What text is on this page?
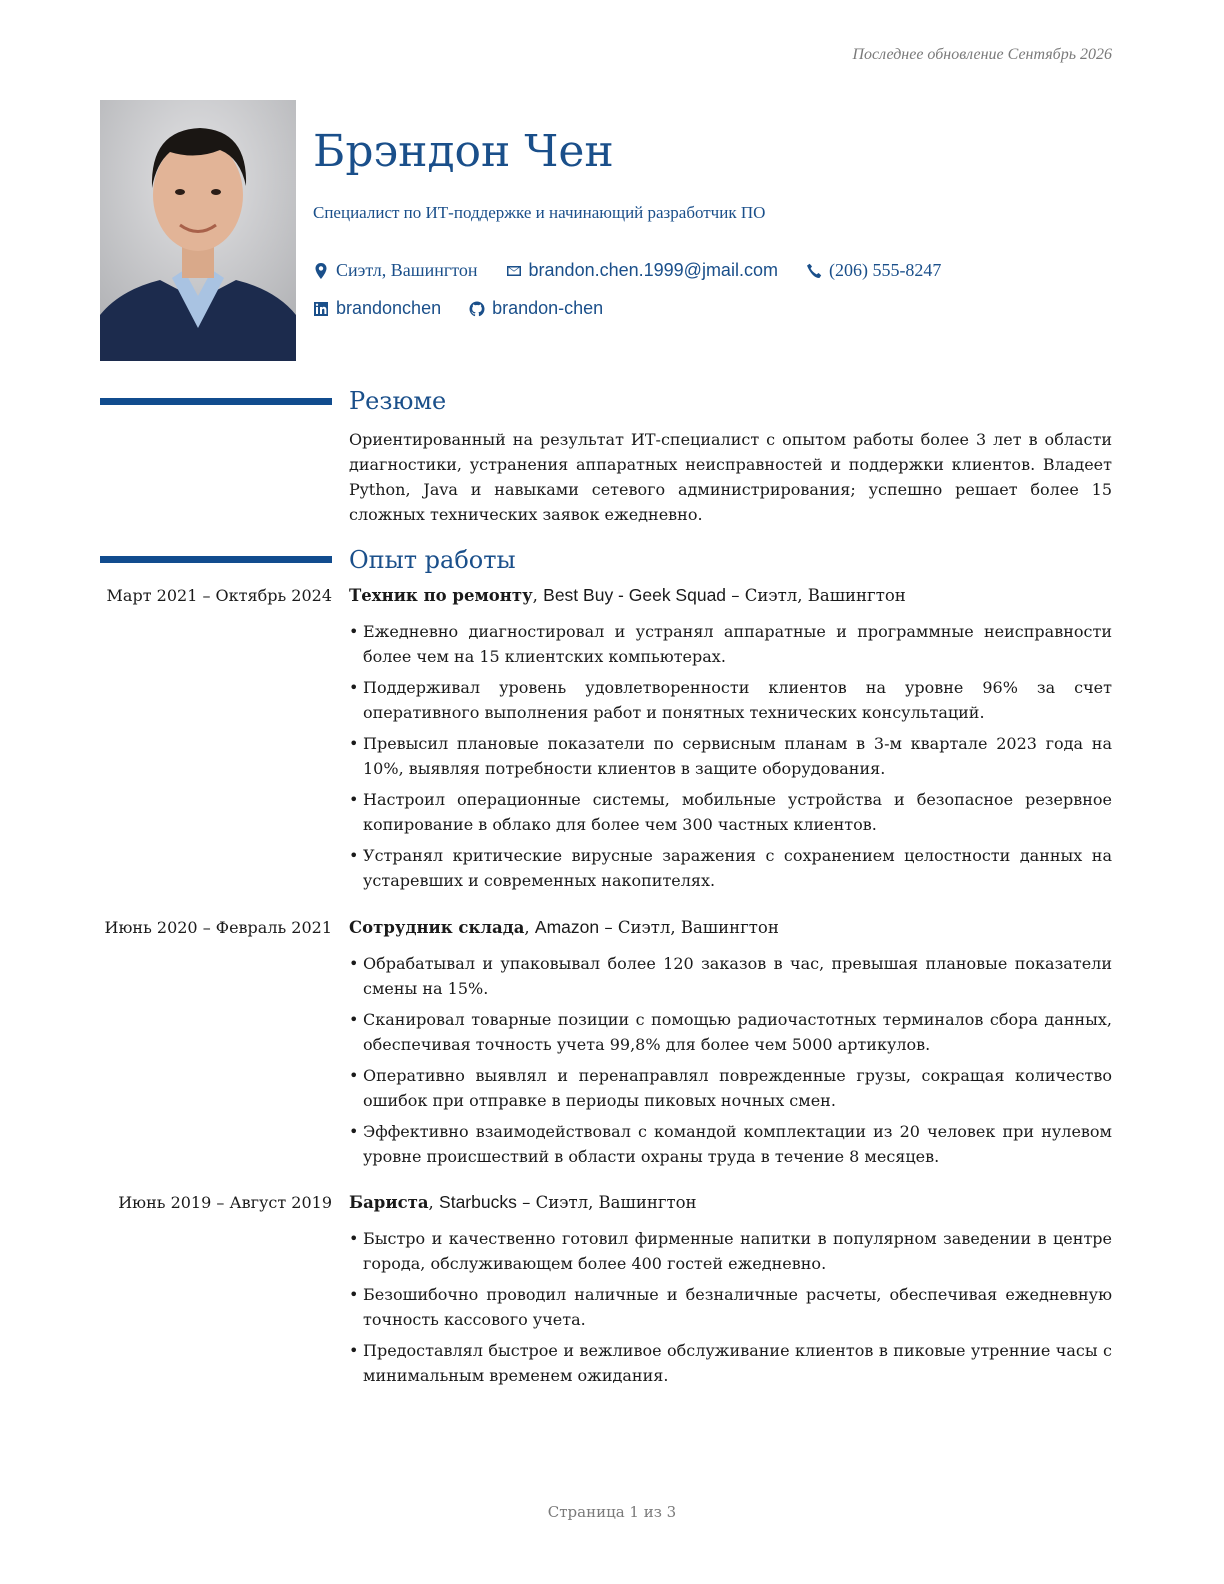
Последнее обновление Сентябрь 2026
Брэндон Чен
Специалист по ИТ-поддержке и начинающий разработчик ПО
Сиэтл, Вашингтон	brandon.chen.1999@jmail.com	(206) 555-8247
brandonchen	brandon-chen
Резюме

Ориентированный на результат ИТ-специалист с опытом работы более 3 лет в области диагностики, устранения аппаратных неисправностей и поддержки клиентов. Владеет Python, Java и навыками сетевого администрирования; успешно решает более 15 сложных технических заявок ежедневно.

Опыт работы
Март 2021 – Октябрь 2024 Техник по ремонту, Best Buy - Geek Squad – Сиэтл, Вашингтон
• Ежедневно диагностировал и устранял аппаратные и программные неисправности более чем на 15 клиентских компьютерах.
• Поддерживал уровень удовлетворенности клиентов на уровне 96% за счет оперативного выполнения работ и понятных технических консультаций.
• Превысил плановые показатели по сервисным планам в 3-м квартале 2023 года на 10%, выявляя потребности клиентов в защите оборудования.
• Настроил операционные системы, мобильные устройства и безопасное резервное копирование в облако для более чем 300 частных клиентов.
• Устранял критические вирусные заражения с сохранением целостности данных на устаревших и современных накопителях.
Июнь 2020 – Февраль 2021 Сотрудник склада, Amazon – Сиэтл, Вашингтон
• Обрабатывал и упаковывал более 120 заказов в час, превышая плановые показатели смены на 15%.
• Сканировал товарные позиции с помощью радиочастотных терминалов сбора данных, обеспечивая точность учета 99,8% для более чем 5000 артикулов.
• Оперативно выявлял и перенаправлял поврежденные грузы, сокращая количество ошибок при отправке в периоды пиковых ночных смен.
• Эффективно взаимодействовал с командой комплектации из 20 человек при нулевом уровне происшествий в области охраны труда в течение 8 месяцев.
Июнь 2019 – Август 2019 Бариста, Starbucks – Сиэтл, Вашингтон
• Быстро и качественно готовил фирменные напитки в популярном заведении в центре города, обслуживающем более 400 гостей ежедневно.
• Безошибочно проводил наличные и безналичные расчеты, обеспечивая ежедневную точность кассового учета.
• Предоставлял быстрое и вежливое обслуживание клиентов в пиковые утренние часы с минимальным временем ожидания.
Страница 1 из 3
